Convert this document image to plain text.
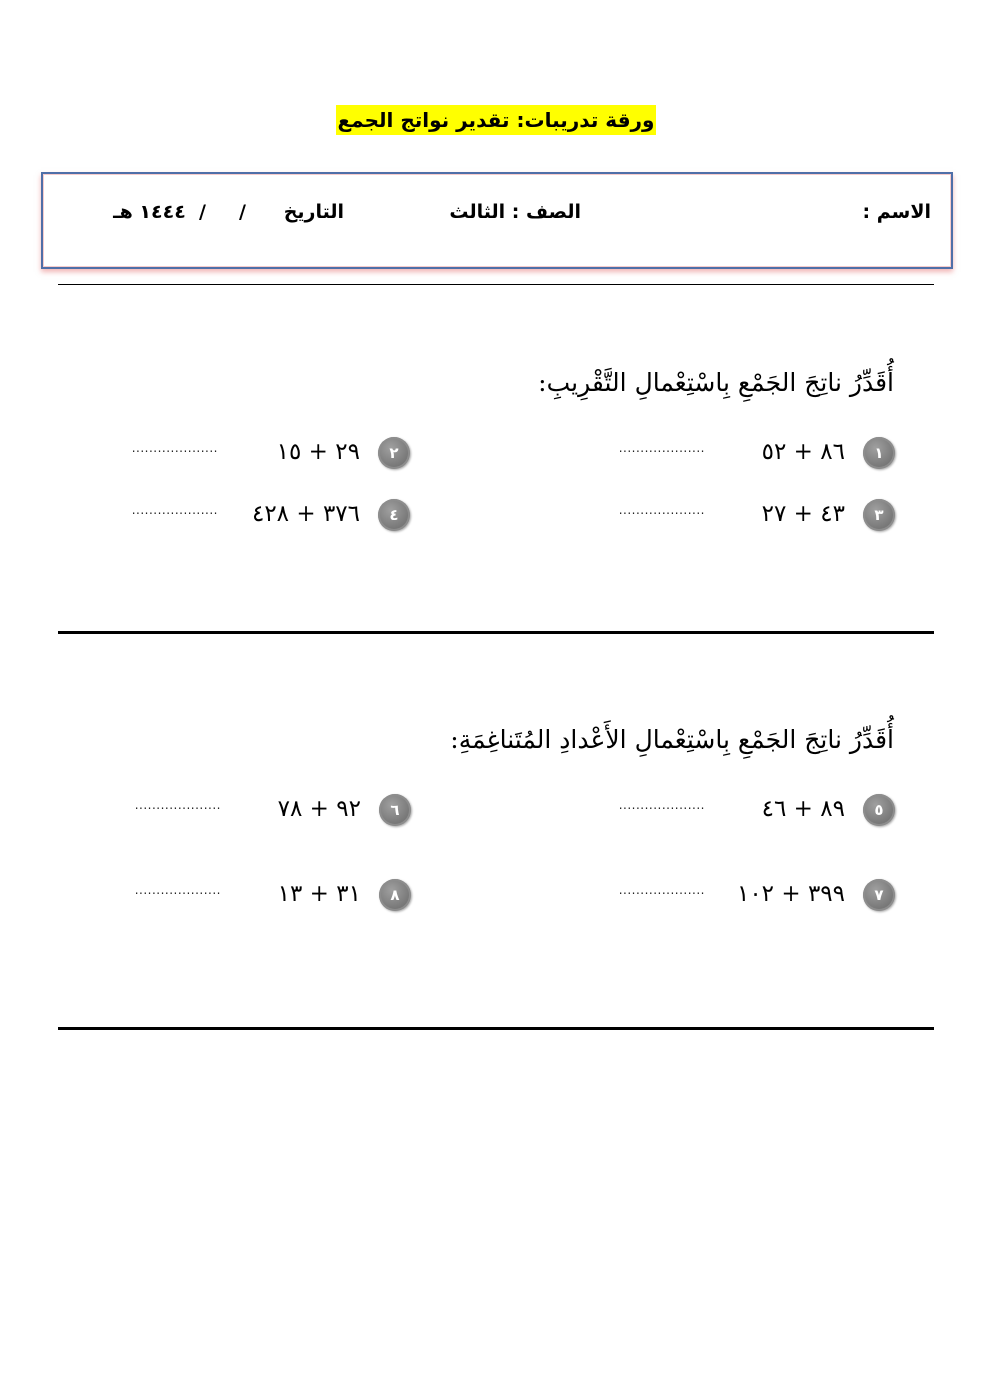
ورقة تدريبات: تقدير نواتج الجمع
الاسم :
الصف : الثالث
التاريخ
/     /  ١٤٤٤ هـ
أُقَدِّرُ ناتِجَ الجَمْعِ بِاسْتِعْمالِ التَّقْرِيبِ:
١
٨٦ + ٥٢
....................
٢
٢٩ + ١٥
....................
٣
٤٣ + ٢٧
....................
٤
٣٧٦ + ٤٢٨
....................
أُقَدِّرُ ناتِجَ الجَمْعِ بِاسْتِعْمالِ الأَعْدادِ المُتَناغِمَةِ:
٥
٨٩ + ٤٦
....................
٦
٩٢ + ٧٨
....................
٧
٣٩٩ + ١٠٢
....................
٨
٣١ + ١٣
....................
